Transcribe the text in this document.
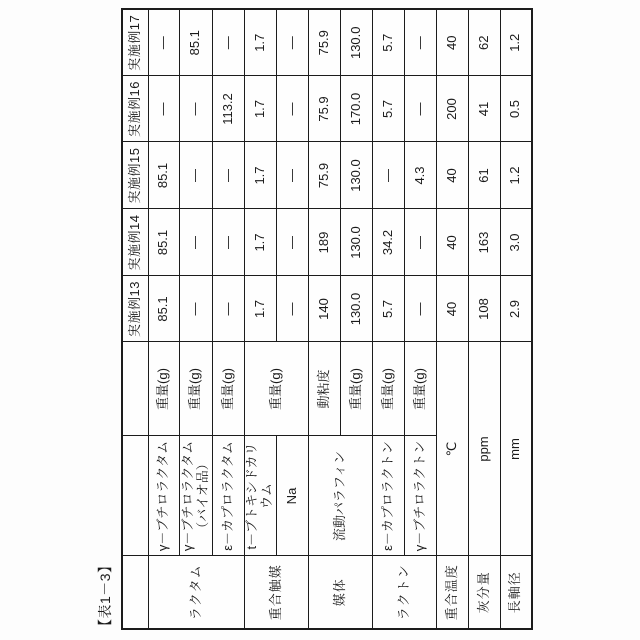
【表1－3】
			実施例13	実施例14	実施例15	実施例16	実施例17
ラクタム	γ－ブチロラクタム	重量(g)	85.1	85.1	85.1	—	—
	γ－ブチロラクタム（バイオ品）	重量(g)	—	—	—	—	85.1
	ε－カプロラクタム	重量(g)	—	—	—	113.2	—
重合触媒	t－ブトキシドカリウム	重量(g)	1.7	1.7	1.7	1.7	1.7
	Na		—	—	—	—	—
媒体	流動パラフィン	動粘度	140	189	75.9	75.9	75.9
		重量(g)	130.0	130.0	130.0	170.0	130.0
ラクトン	ε－カプロラクトン	重量(g)	5.7	34.2	—	5.7	5.7
	γ－ブチロラクトン	重量(g)	—	—	4.3	—	—
重合温度	℃		40	40	40	200	40
灰分量	ppm		108	163	61	41	62
長軸径	mm		2.9	3.0	1.2	0.5	1.2
